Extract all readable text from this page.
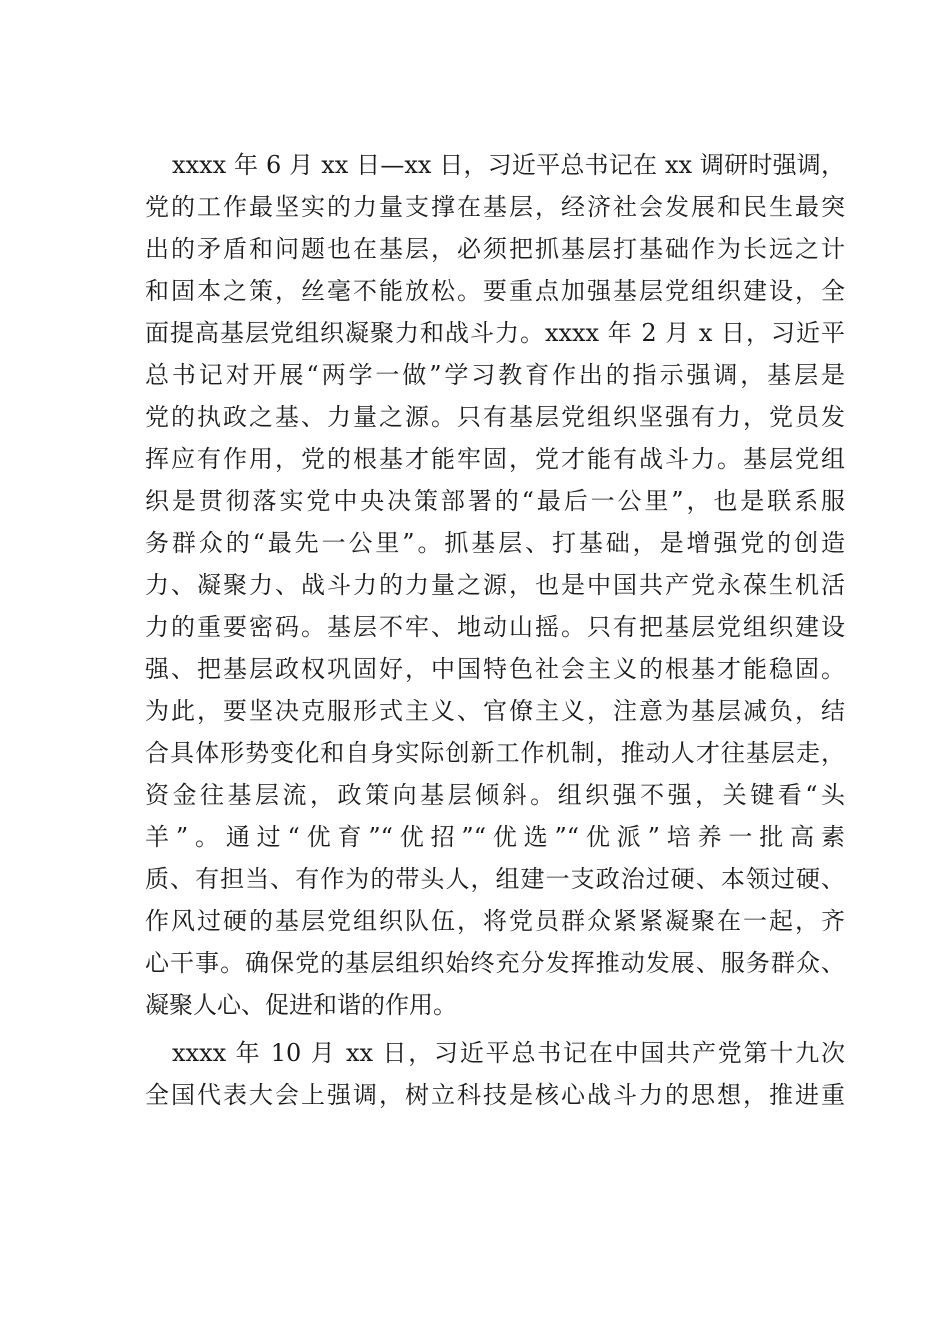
xxxx 年 6 月 xx 日—xx 日，习近平总书记在 xx 调研时强调，
党的工作最坚实的力量支撑在基层，经济社会发展和民生最突
出的矛盾和问题也在基层，必须把抓基层打基础作为长远之计
和固本之策，丝毫不能放松。要重点加强基层党组织建设，全
面提高基层党组织凝聚力和战斗力。xxxx 年 2 月 x 日，习近平
总书记对开展“两学一做”学习教育作出的指示强调，基层是
党的执政之基、力量之源。只有基层党组织坚强有力，党员发
挥应有作用，党的根基才能牢固，党才能有战斗力。基层党组
织是贯彻落实党中央决策部署的“最后一公里”，也是联系服
务群众的“最先一公里”。抓基层、打基础，是增强党的创造
力、凝聚力、战斗力的力量之源，也是中国共产党永葆生机活
力的重要密码。基层不牢、地动山摇。只有把基层党组织建设
强、把基层政权巩固好，中国特色社会主义的根基才能稳固。
为此，要坚决克服形式主义、官僚主义，注意为基层减负，结
合具体形势变化和自身实际创新工作机制，推动人才往基层走，
资金往基层流，政策向基层倾斜。组织强不强，关键看“头
羊”。通过“优育”“优招”“优选”“优派”培养一批高素
质、有担当、有作为的带头人，组建一支政治过硬、本领过硬、
作风过硬的基层党组织队伍，将党员群众紧紧凝聚在一起，齐
心干事。确保党的基层组织始终充分发挥推动发展、服务群众、
凝聚人心、促进和谐的作用。
xxxx 年 10 月 xx 日，习近平总书记在中国共产党第十九次
全国代表大会上强调，树立科技是核心战斗力的思想，推进重
